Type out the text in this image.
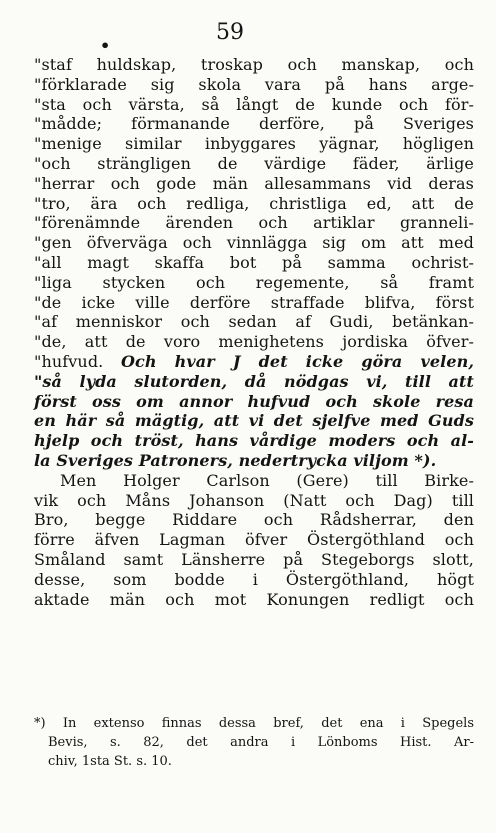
•
59
"staf huldskap, troskap och manskap, och
"förklarade sig skola vara på hans arge-
"sta och värsta, så långt de kunde och för-
"mådde; förmanande derföre, på Sveriges
"menige similar inbyggares yägnar, högligen
"och strängligen de värdige fäder, ärlige
"herrar och gode män allesammans vid deras
"tro, ära och redliga, christliga ed, att de
"förenämnde ärenden och artiklar granneli-
"gen öfverväga och vinnlägga sig om att med
"all magt skaffa bot på samma ochrist-
"liga stycken och regemente, så framt
"de icke ville derföre straffade blifva, först
"af menniskor och sedan af Gudi, betänkan-
"de, att de voro menighetens jordiska öfver-
"hufvud. Och hvar J det icke göra velen,
"så lyda slutorden, då nödgas vi, till att
först oss om annor hufvud och skole resa
en här så mägtig, att vi det sjelfve med Guds
hjelp och tröst, hans vårdige moders och al-
la Sveriges Patroners, nedertrycka viljom *).
Men Holger Carlson (Gere) till Birke-
vik och Måns Johanson (Natt och Dag) till
Bro, begge Riddare och Rådsherrar, den
förre äfven Lagman öfver Östergöthland och
Småland samt Länsherre på Stegeborgs slott,
desse, som bodde i Östergöthland, högt
aktade män och mot Konungen redligt och
*) In extenso finnas dessa bref, det ena i Spegels
Bevis, s. 82, det andra i Lönboms Hist. Ar-
chiv, 1sta St. s. 10.
